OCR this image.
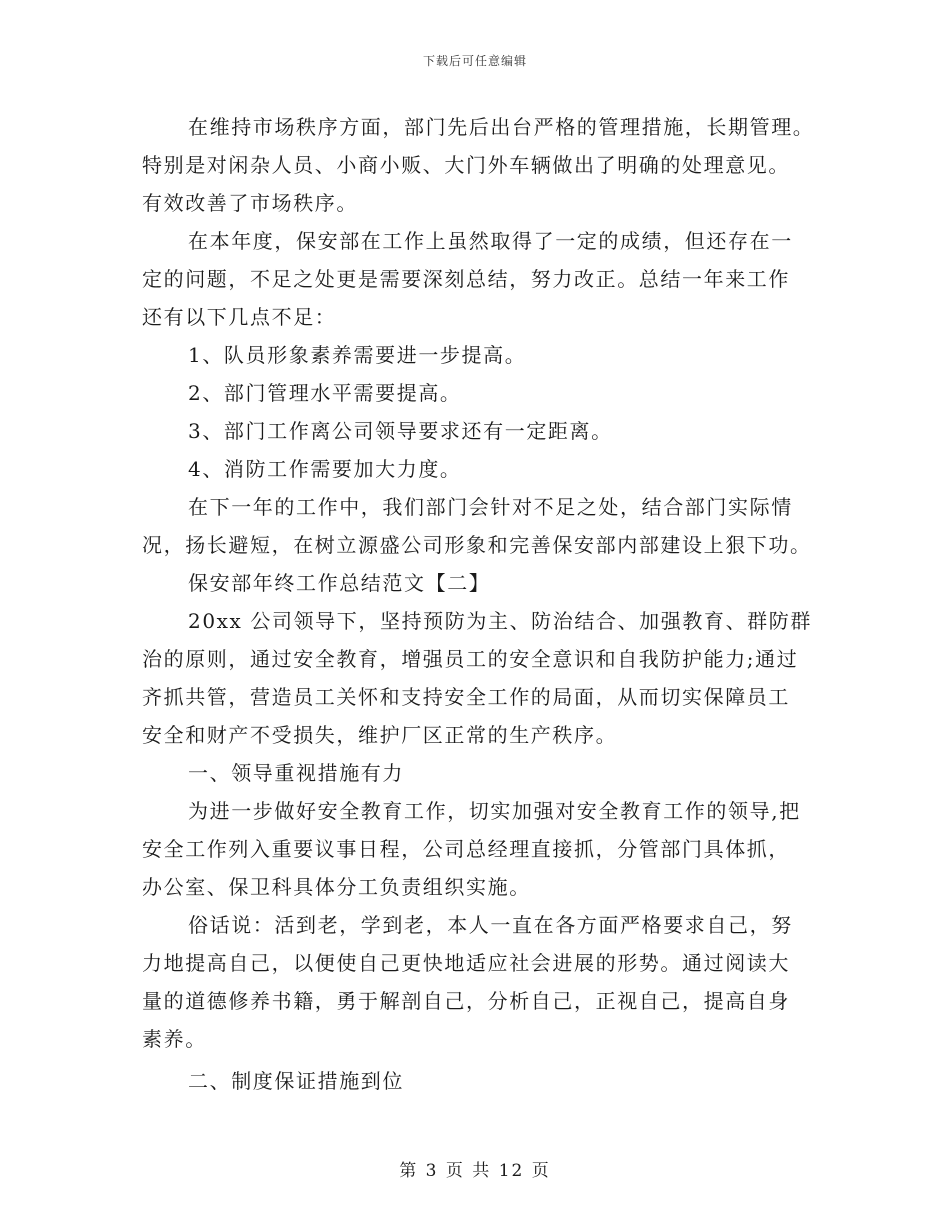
下载后可任意编辑
在维持市场秩序方面，部门先后出台严格的管理措施，长期管理。
特别是对闲杂人员、小商小贩、大门外车辆做出了明确的处理意见。
有效改善了市场秩序。
在本年度，保安部在工作上虽然取得了一定的成绩，但还存在一
定的问题，不足之处更是需要深刻总结，努力改正。总结一年来工作
还有以下几点不足：
1、队员形象素养需要进一步提高。
2、部门管理水平需要提高。
3、部门工作离公司领导要求还有一定距离。
4、消防工作需要加大力度。
在下一年的工作中，我们部门会针对不足之处，结合部门实际情
况，扬长避短，在树立源盛公司形象和完善保安部内部建设上狠下功。
保安部年终工作总结范文【二】
20xx 公司领导下，坚持预防为主、防治结合、加强教育、群防群
治的原则，通过安全教育，增强员工的安全意识和自我防护能力;通过
齐抓共管，营造员工关怀和支持安全工作的局面，从而切实保障员工
安全和财产不受损失，维护厂区正常的生产秩序。
一、领导重视措施有力
为进一步做好安全教育工作，切实加强对安全教育工作的领导,把
安全工作列入重要议事日程，公司总经理直接抓，分管部门具体抓，
办公室、保卫科具体分工负责组织实施。
俗话说：活到老，学到老，本人一直在各方面严格要求自己，努
力地提高自己，以便使自己更快地适应社会进展的形势。通过阅读大
量的道德修养书籍，勇于解剖自己，分析自己，正视自己，提高自身
素养。
二、制度保证措施到位
第 3 页 共 12 页
